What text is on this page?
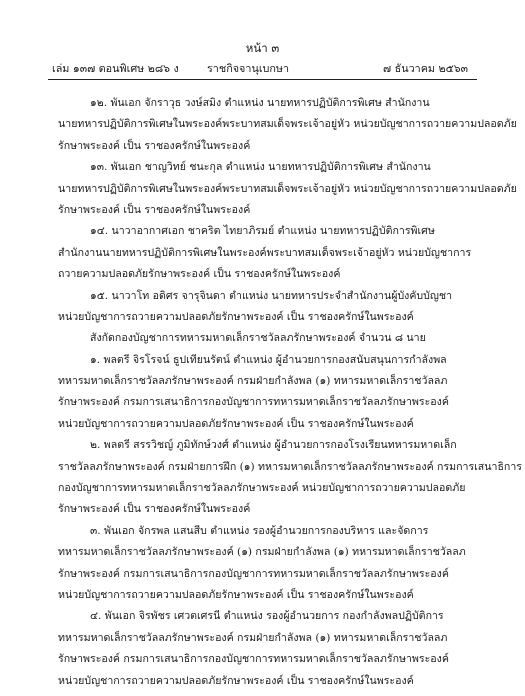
หน้า ๓
เล่ม ๑๓๗ ตอนพิเศษ ๒๘๖ ง	ราชกิจจานุเบกษา	๗ ธันวาคม ๒๕๖๓
๑๒. พันเอก จักราวุธ วงษ์สมิง ตำแหน่ง นายทหารปฏิบัติการพิเศษ สำนักงาน
นายทหารปฏิบัติการพิเศษในพระองค์พระบาทสมเด็จพระเจ้าอยู่หัว หน่วยบัญชาการถวายความปลอดภัย
รักษาพระองค์ เป็น ราชองครักษ์ในพระองค์
๑๓. พันเอก ชาญวิทย์ ชนะกุล ตำแหน่ง นายทหารปฏิบัติการพิเศษ สำนักงาน
นายทหารปฏิบัติการพิเศษในพระองค์พระบาทสมเด็จพระเจ้าอยู่หัว หน่วยบัญชาการถวายความปลอดภัย
รักษาพระองค์ เป็น ราชองครักษ์ในพระองค์
๑๔. นาวาอากาศเอก ชาคริต ไทยาภิรมย์ ตำแหน่ง นายทหารปฏิบัติการพิเศษ
สำนักงานนายทหารปฏิบัติการพิเศษในพระองค์พระบาทสมเด็จพระเจ้าอยู่หัว หน่วยบัญชาการ
ถวายความปลอดภัยรักษาพระองค์ เป็น ราชองครักษ์ในพระองค์
๑๕. นาวาโท อดิศร จารุจินดา ตำแหน่ง นายทหารประจำสำนักงานผู้บังคับบัญชา
หน่วยบัญชาการถวายความปลอดภัยรักษาพระองค์ เป็น ราชองครักษ์ในพระองค์
สังกัดกองบัญชาการทหารมหาดเล็กราชวัลลภรักษาพระองค์ จำนวน ๘ นาย
๑. พลตรี จิรโรจน์ ธูปเทียนรัตน์ ตำแหน่ง ผู้อำนวยการกองสนับสนุนการกำลังพล
ทหารมหาดเล็กราชวัลลภรักษาพระองค์ กรมฝ่ายกำลังพล (๑) ทหารมหาดเล็กราชวัลลภ
รักษาพระองค์ กรมการเสนาธิการกองบัญชาการทหารมหาดเล็กราชวัลลภรักษาพระองค์
หน่วยบัญชาการถวายความปลอดภัยรักษาพระองค์ เป็น ราชองครักษ์ในพระองค์
๒. พลตรี สรรวิชญ์ ภูมิทักษ์วงศ์ ตำแหน่ง ผู้อำนวยการกองโรงเรียนทหารมหาดเล็ก
ราชวัลลภรักษาพระองค์ กรมฝ่ายการฝึก (๑) ทหารมหาดเล็กราชวัลลภรักษาพระองค์ กรมการเสนาธิการ
กองบัญชาการทหารมหาดเล็กราชวัลลภรักษาพระองค์ หน่วยบัญชาการถวายความปลอดภัย
รักษาพระองค์ เป็น ราชองครักษ์ในพระองค์
๓. พันเอก จักรพล แสนสีบ ตำแหน่ง รองผู้อำนวยการกองบริหาร และจัดการ
ทหารมหาดเล็กราชวัลลภรักษาพระองค์ (๑) กรมฝ่ายกำลังพล (๑) ทหารมหาดเล็กราชวัลลภ
รักษาพระองค์ กรมการเสนาธิการกองบัญชาการทหารมหาดเล็กราชวัลลภรักษาพระองค์
หน่วยบัญชาการถวายความปลอดภัยรักษาพระองค์ เป็น ราชองครักษ์ในพระองค์
๔. พันเอก จิรพัชร เศวตเศรนี ตำแหน่ง รองผู้อำนวยการ กองกำลังพลปฏิบัติการ
ทหารมหาดเล็กราชวัลลภรักษาพระองค์ กรมฝ่ายกำลังพล (๑) ทหารมหาดเล็กราชวัลลภ
รักษาพระองค์ กรมการเสนาธิการกองบัญชาการทหารมหาดเล็กราชวัลลภรักษาพระองค์
หน่วยบัญชาการถวายความปลอดภัยรักษาพระองค์ เป็น ราชองครักษ์ในพระองค์
